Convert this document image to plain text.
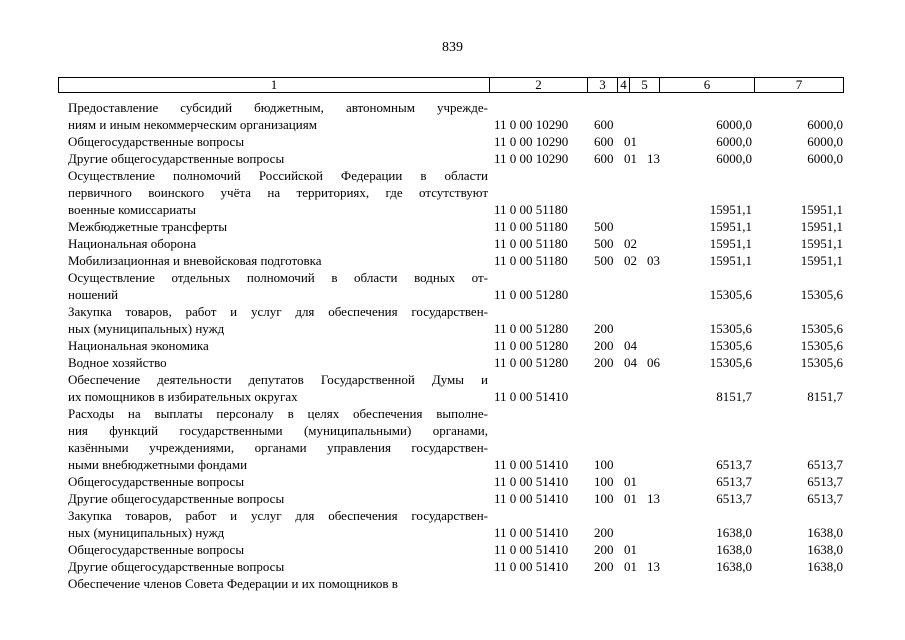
839
1	2	3	4	5	6	7
Предоставление субсидий бюджетным, автономным учрежде-
ниям и иным некоммерческим организациям	11 0 00 10290 600	6000,0	6000,0
Общегосударственные вопросы	11 0 00 10290 600 01	6000,0	6000,0
Другие общегосударственные вопросы	11 0 00 10290 600 01 13	6000,0	6000,0
Осуществление полномочий Российской Федерации в области
первичного воинского учёта на территориях, где отсутствуют
военные комиссариаты	11 0 00 51180	15951,1	15951,1
Межбюджетные трансферты	11 0 00 51180 500	15951,1	15951,1
Национальная оборона	11 0 00 51180 500 02	15951,1	15951,1
Мобилизационная и вневойсковая подготовка	11 0 00 51180 500 02 03	15951,1	15951,1
Осуществление отдельных полномочий в области водных от-
ношений	11 0 00 51280	15305,6	15305,6
Закупка товаров, работ и услуг для обеспечения государствен-
ных (муниципальных) нужд	11 0 00 51280 200	15305,6	15305,6
Национальная экономика	11 0 00 51280 200 04	15305,6	15305,6
Водное хозяйство	11 0 00 51280 200 04 06	15305,6	15305,6
Обеспечение деятельности депутатов Государственной Думы и
их помощников в избирательных округах	11 0 00 51410	8151,7	8151,7
Расходы на выплаты персоналу в целях обеспечения выполне-
ния функций государственными (муниципальными) органами,
казёнными учреждениями, органами управления государствен-
ными внебюджетными фондами	11 0 00 51410 100	6513,7	6513,7
Общегосударственные вопросы	11 0 00 51410 100 01	6513,7	6513,7
Другие общегосударственные вопросы	11 0 00 51410 100 01 13	6513,7	6513,7
Закупка товаров, работ и услуг для обеспечения государствен-
ных (муниципальных) нужд	11 0 00 51410 200	1638,0	1638,0
Общегосударственные вопросы	11 0 00 51410 200 01	1638,0	1638,0
Другие общегосударственные вопросы	11 0 00 51410 200 01 13	1638,0	1638,0
Обеспечение членов Совета Федерации и их помощников в
